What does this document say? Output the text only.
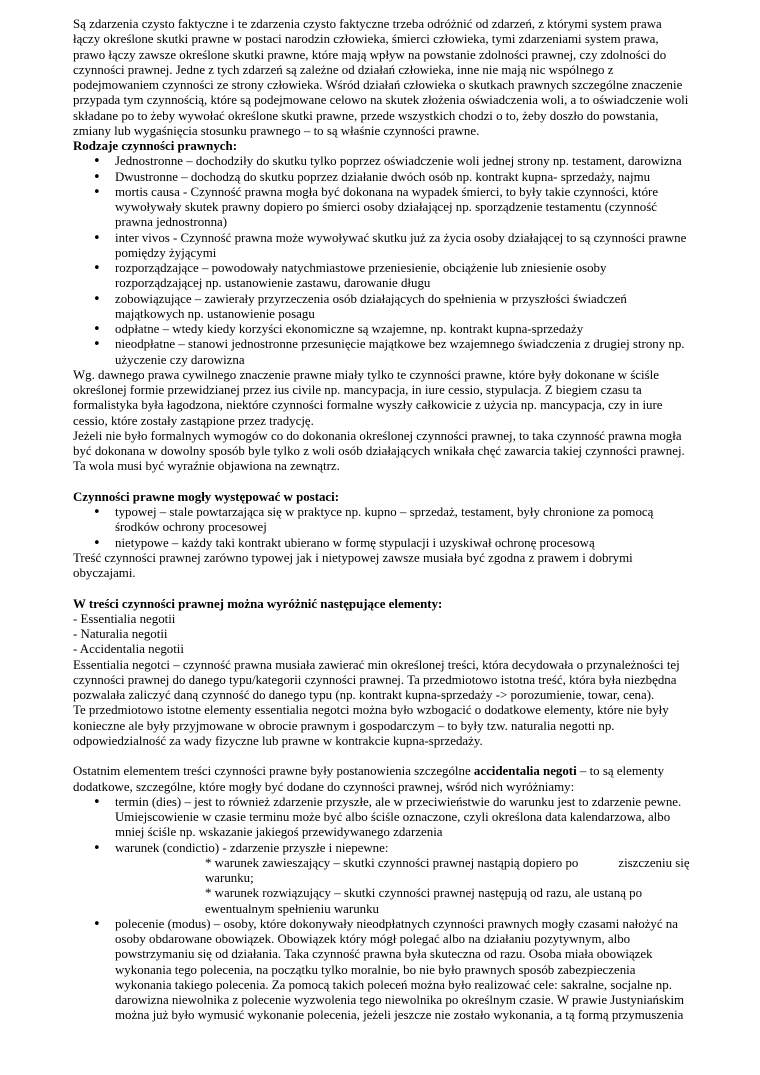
Są zdarzenia czysto faktyczne i te zdarzenia czysto faktyczne trzeba odróżnić od zdarzeń, z którymi system prawa łączy określone skutki prawne w postaci narodzin człowieka, śmierci człowieka, tymi zdarzeniami system prawa, prawo łączy zawsze określone skutki prawne, które mają wpływ na powstanie zdolności prawnej, czy zdolności do czynności prawnej. Jedne z tych zdarzeń są zależne od działań człowieka, inne nie mają nic wspólnego z podejmowaniem czynności ze strony człowieka. Wśród działań człowieka o skutkach prawnych szczególne znaczenie przypada tym czynnością, które są podejmowane celowo na skutek złożenia oświadczenia woli, a to oświadczenie woli składane po to żeby wywołać określone skutki prawne, przede wszystkich chodzi o to, żeby doszło do powstania, zmiany lub wygaśnięcia stosunku prawnego – to są właśnie czynności prawne.

Rodzaje czynności prawnych:

• Jednostronne – dochodziły do skutku tylko poprzez oświadczenie woli jednej strony np. testament, darowizna
• Dwustronne – dochodzą do skutku poprzez działanie dwóch osób np. kontrakt kupna- sprzedaży, najmu
• mortis causa - Czynność prawna mogła być dokonana na wypadek śmierci, to były takie czynności, które wywoływały skutek prawny dopiero po śmierci osoby działającej np. sporządzenie testamentu (czynność prawna jednostronna)
• inter vivos - Czynność prawna może wywoływać skutku już za życia osoby działającej to są czynności prawne pomiędzy żyjącymi
• rozporządzające – powodowały natychmiastowe przeniesienie, obciążenie lub zniesienie osoby rozporządzającej np. ustanowienie zastawu, darowanie długu
• zobowiązujące – zawierały przyrzeczenia osób działających do spełnienia w przyszłości świadczeń majątkowych np. ustanowienie posagu
• odpłatne – wtedy kiedy korzyści ekonomiczne są wzajemne, np. kontrakt kupna-sprzedaży
• nieodpłatne – stanowi jednostronne przesunięcie majątkowe bez wzajemnego świadczenia z drugiej strony np. użyczenie czy darowizna

Wg. dawnego prawa cywilnego znaczenie prawne miały tylko te czynności prawne, które były dokonane w ściśle określonej formie przewidzianej przez ius civile np. mancypacja, in iure cessio, stypulacja. Z biegiem czasu ta formalistyka była łagodzona, niektóre czynności formalne wyszły całkowicie z użycia np. mancypacja, czy in iure cessio, które zostały zastąpione przez tradycję.

Jeżeli nie było formalnych wymogów co do dokonania określonej czynności prawnej, to taka czynność prawna mogła być dokonana w dowolny sposób byle tylko z woli osób działających wnikała chęć zawarcia takiej czynności prawnej. Ta wola musi być wyraźnie objawiona na zewnątrz.

Czynności prawne mogły występować w postaci:

• typowej – stale powtarzająca się w praktyce np. kupno – sprzedaż, testament, były chronione za pomocą środków ochrony procesowej
• nietypowe – każdy taki kontrakt ubierano w formę stypulacji i uzyskiwał ochronę procesową

Treść czynności prawnej zarówno typowej jak i nietypowej zawsze musiała być zgodna z prawem i dobrymi obyczajami.

W treści czynności prawnej można wyróżnić następujące elementy:

- Essentialia negotii

- Naturalia negotii

- Accidentalia negotii

Essentialia negotci – czynność prawna musiała zawierać min określonej treści, która decydowała o przynależności tej czynności prawnej do danego typu/kategorii czynności prawnej. Ta przedmiotowo istotna treść, która była niezbędna pozwalała zaliczyć daną czynność do danego typu (np. kontrakt kupna-sprzedaży -> porozumienie, towar, cena).

Te przedmiotowo istotne elementy essentialia negotci można było wzbogacić o dodatkowe elementy, które nie były konieczne ale były przyjmowane w obrocie prawnym i gospodarczym – to były tzw. naturalia negotti np. odpowiedzialność za wady fizyczne lub prawne w kontrakcie kupna-sprzedaży.

Ostatnim elementem treści czynności prawne były postanowienia szczególne accidentalia negoti – to są elementy dodatkowe, szczególne, które mogły być dodane do czynności prawnej, wśród nich wyróżniamy:

• termin (dies) – jest to również zdarzenie przyszłe, ale w przeciwieństwie do warunku jest to zdarzenie pewne. Umiejscowienie w czasie terminu może być albo ściśle oznaczone, czyli określona data kalendarzowa, albo mniej ściśle np. wskazanie jakiegoś przewidywanego zdarzenia
• warunek (condictio) - zdarzenie przyszłe i niepewne:

* warunek zawieszający – skutki czynności prawnej nastąpią dopiero po	ziszczeniu się

warunku;

* warunek rozwiązujący – skutki czynności prawnej następują od razu, ale ustaną po ewentualnym spełnieniu warunku

• polecenie (modus) – osoby, które dokonywały nieodpłatnych czynności prawnych mogły czasami nałożyć na osoby obdarowane obowiązek. Obowiązek który mógł polegać albo na działaniu pozytywnym, albo powstrzymaniu się od działania. Taka czynność prawna była skuteczna od razu. Osoba miała obowiązek wykonania tego polecenia, na początku tylko moralnie, bo nie było prawnych sposób zabezpieczenia wykonania takiego polecenia. Za pomocą takich poleceń można było realizować cele: sakralne, socjalne np. darowizna niewolnika z polecenie wyzwolenia tego niewolnika po określnym czasie. W prawie Justyniańskim można już było wymusić wykonanie polecenia, jeżeli jeszcze nie zostało wykonania, a tą formą przymuszenia
